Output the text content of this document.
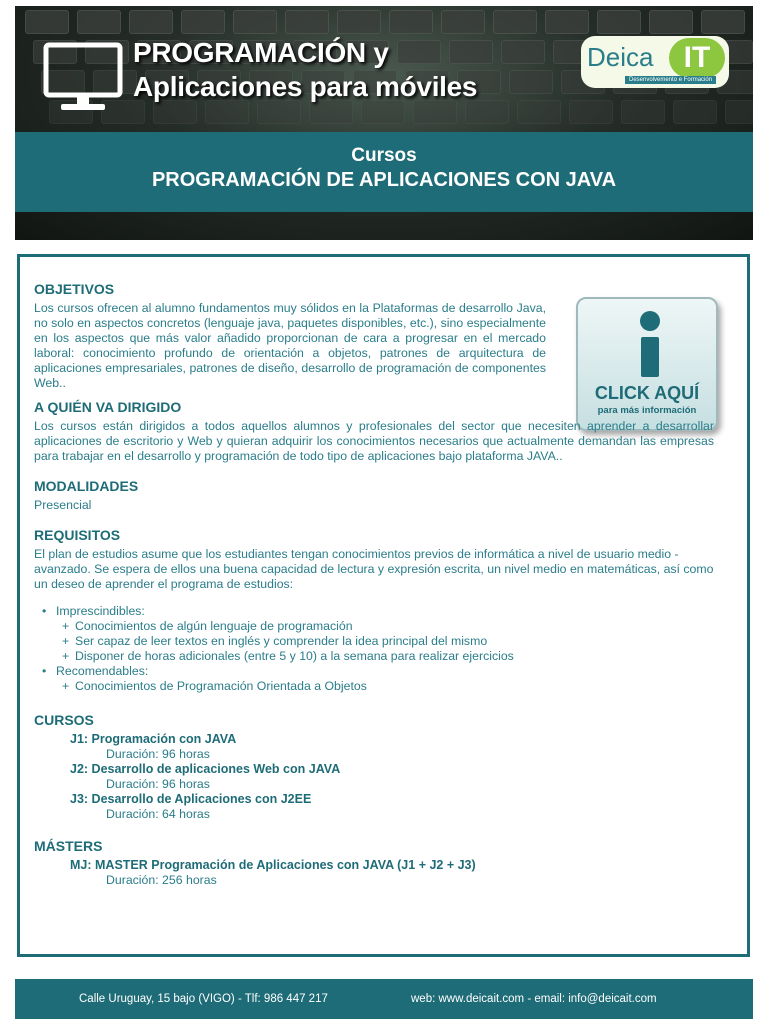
PROGRAMACIÓN y
Aplicaciones para móviles
Deica	IT
Desenvolvemento e Formación
Cursos
PROGRAMACIÓN DE APLICACIONES CON JAVA
CLICK AQUÍ
para más información
OBJETIVOS

Los cursos ofrecen al alumno fundamentos muy sólidos en la Plataformas de desarrollo Java, no solo en aspectos concretos (lenguaje java, paquetes disponibles, etc.), sino especialmente en los aspectos que más valor añadido proporcionan de cara a progresar en el mercado laboral: conocimiento profundo de orientación a objetos, patrones de arquitectura de aplicaciones empresariales, patrones de diseño, desarrollo de programación de componentes Web..

A QUIÉN VA DIRIGIDO

Los cursos están dirigidos a todos aquellos alumnos y profesionales del sector que necesiten aprender a desarrollar aplicaciones de escritorio y Web y quieran adquirir los conocimientos necesarios que actualmente demandan las empresas para trabajar en el desarrollo y programación de todo tipo de aplicaciones bajo plataforma JAVA..

MODALIDADES

Presencial

REQUISITOS

El plan de estudios asume que los estudiantes tengan conocimientos previos de informática a nivel de usuario medio -avanzado. Se espera de ellos una buena capacidad de lectura y expresión escrita, un nivel medio en matemáticas, así como un deseo de aprender el programa de estudios:

• Imprescindibles:
+ Conocimientos de algún lenguaje de programación
+ Ser capaz de leer textos en inglés y comprender la idea principal del mismo
+ Disponer de horas adicionales (entre 5 y 10) a la semana para realizar ejercicios
• Recomendables:
+ Conocimientos de Programación Orientada a Objetos
CURSOS
J1: Programación con JAVA
Duración: 96 horas
J2: Desarrollo de aplicaciones Web con JAVA
Duración: 96 horas
J3: Desarrollo de Aplicaciones con J2EE
Duración: 64 horas
MÁSTERS
MJ: MASTER Programación de Aplicaciones con JAVA (J1 + J2 + J3)
Duración: 256 horas
Calle Uruguay, 15 bajo (VIGO) - Tlf: 986 447 217	web: www.deicait.com - email: info@deicait.com
